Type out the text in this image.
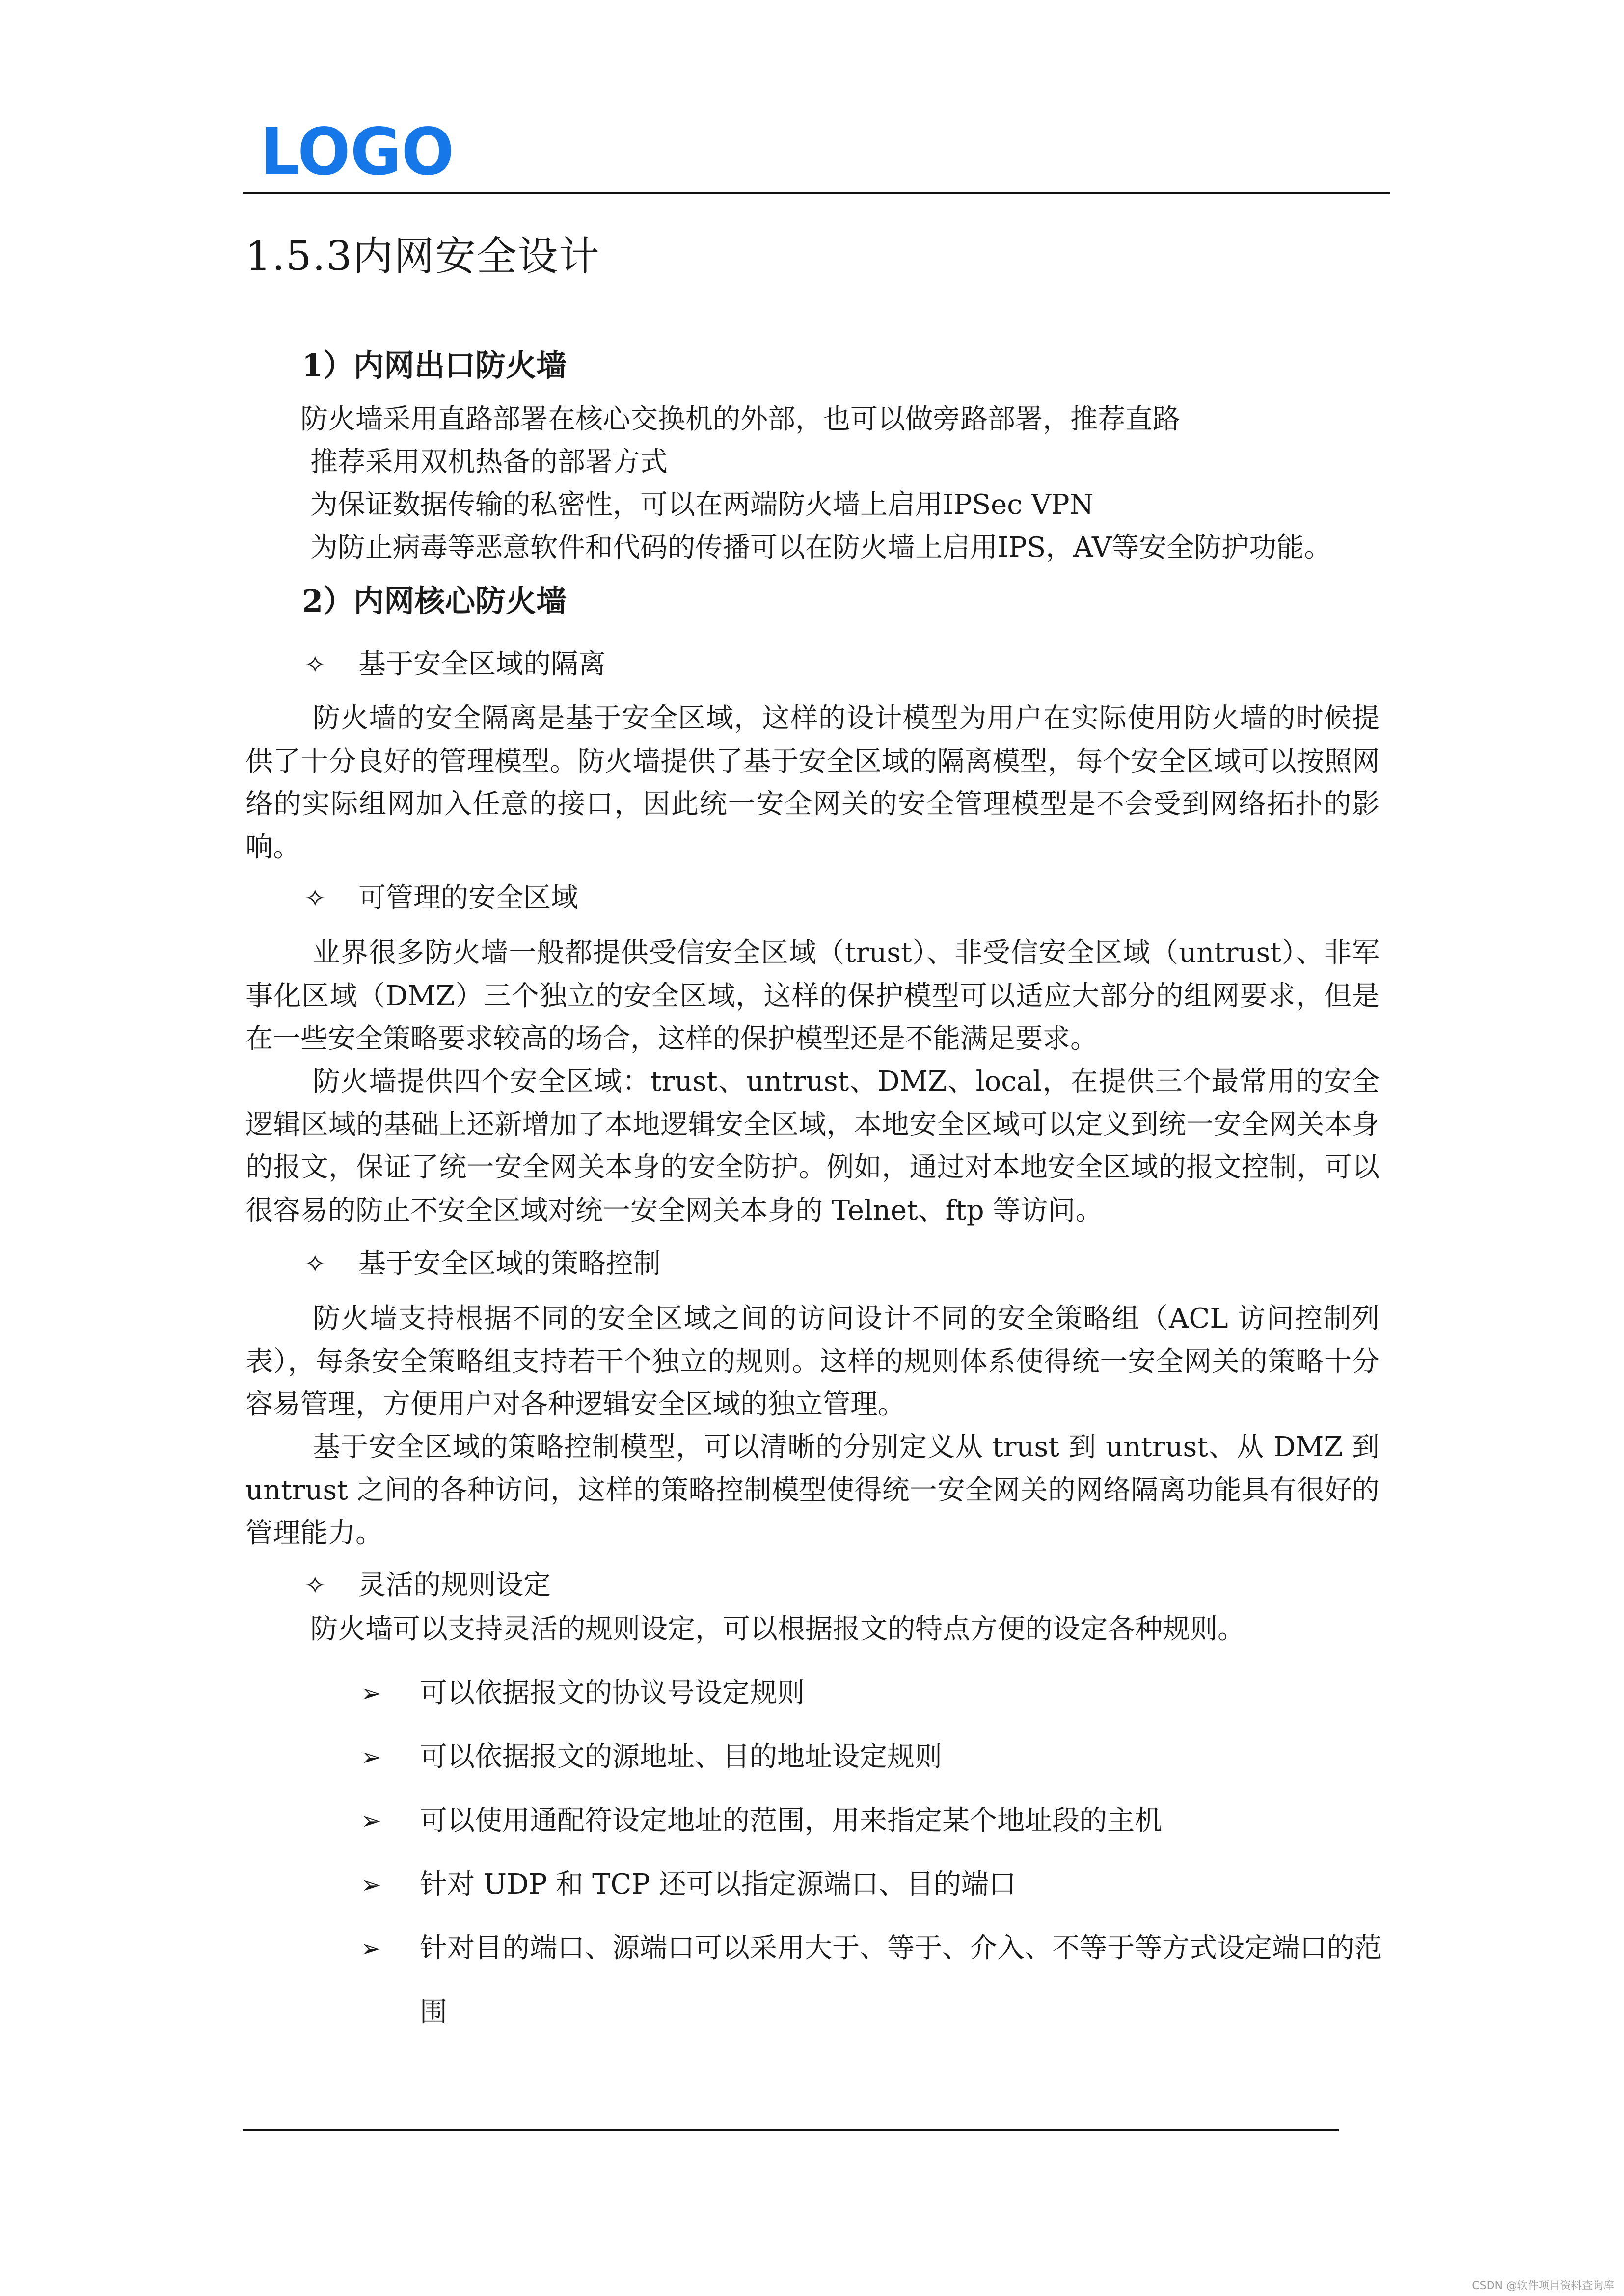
LOGO
1.5.3内网安全设计
1）内网出口防火墙
防火墙采用直路部署在核心交换机的外部，也可以做旁路部署，推荐直路
推荐采用双机热备的部署方式
为保证数据传输的私密性，可以在两端防火墙上启用IPSec VPN
为防止病毒等恶意软件和代码的传播可以在防火墙上启用IPS，AV等安全防护功能。
2）内网核心防火墙
✧ 基于安全区域的隔离
防火墙的安全隔离是基于安全区域，这样的设计模型为用户在实际使用防火墙的时候提供了十分良好的管理模型。防火墙提供了基于安全区域的隔离模型，每个安全区域可以按照网络的实际组网加入任意的接口，因此统一安全网关的安全管理模型是不会受到网络拓扑的影响。
✧ 可管理的安全区域
业界很多防火墙一般都提供受信安全区域（trust）、非受信安全区域（untrust）、非军事化区域（DMZ）三个独立的安全区域，这样的保护模型可以适应大部分的组网要求，但是在一些安全策略要求较高的场合，这样的保护模型还是不能满足要求。
防火墙提供四个安全区域：trust、untrust、DMZ、local，在提供三个最常用的安全逻辑区域的基础上还新增加了本地逻辑安全区域，本地安全区域可以定义到统一安全网关本身的报文，保证了统一安全网关本身的安全防护。例如，通过对本地安全区域的报文控制，可以很容易的防止不安全区域对统一安全网关本身的 Telnet、ftp 等访问。
✧ 基于安全区域的策略控制
防火墙支持根据不同的安全区域之间的访问设计不同的安全策略组（ACL 访问控制列表），每条安全策略组支持若干个独立的规则。这样的规则体系使得统一安全网关的策略十分容易管理，方便用户对各种逻辑安全区域的独立管理。
基于安全区域的策略控制模型，可以清晰的分别定义从 trust 到 untrust、从 DMZ 到 untrust 之间的各种访问，这样的策略控制模型使得统一安全网关的网络隔离功能具有很好的管理能力。
✧ 灵活的规则设定
防火墙可以支持灵活的规则设定，可以根据报文的特点方便的设定各种规则。
➢	可以依据报文的协议号设定规则
➢	可以依据报文的源地址、目的地址设定规则
➢	可以使用通配符设定地址的范围，用来指定某个地址段的主机
➢	针对 UDP 和 TCP 还可以指定源端口、目的端口
➢	针对目的端口、源端口可以采用大于、等于、介入、不等于等方式设定端口的范围
CSDN @软件项目资料查询库
